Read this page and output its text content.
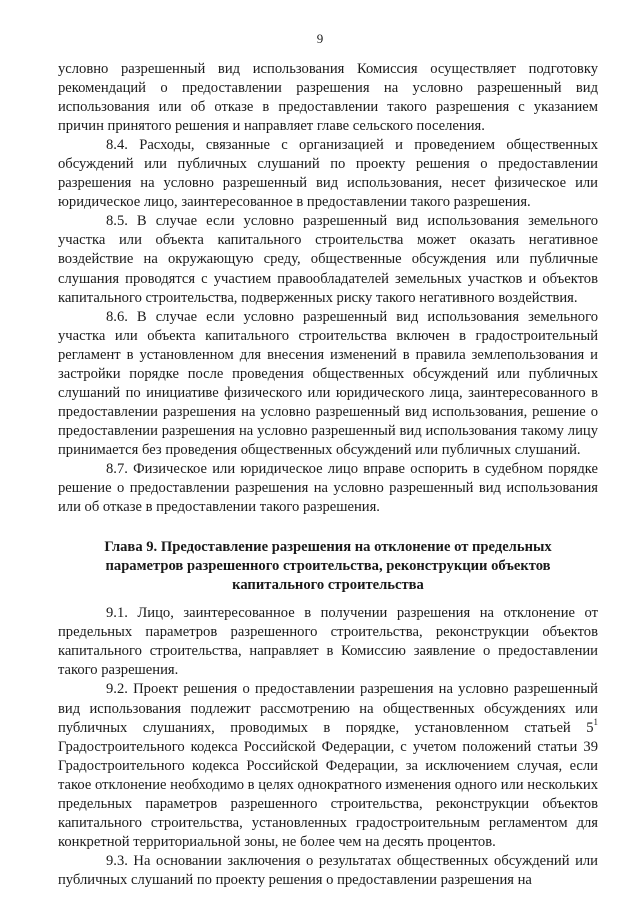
9

условно разрешенный вид использования Комиссия осуществляет подготовку рекомендаций о предоставлении разрешения на условно разрешенный вид использования или об отказе в предоставлении такого разрешения с указанием причин принятого решения и направляет главе сельского поселения.

8.4. Расходы, связанные с организацией и проведением общественных обсуждений или публичных слушаний по проекту решения о предоставлении разрешения на условно разрешенный вид использования, несет физическое или юридическое лицо, заинтересованное в предоставлении такого разрешения.

8.5. В случае если условно разрешенный вид использования земельного участка или объекта капитального строительства может оказать негативное воздействие на окружающую среду, общественные обсуждения или публичные слушания проводятся с участием правообладателей земельных участков и объектов капитального строительства, подверженных риску такого негативного воздействия.

8.6. В случае если условно разрешенный вид использования земельного участка или объекта капитального строительства включен в градостроительный регламент в установленном для внесения изменений в правила землепользования и застройки порядке после проведения общественных обсуждений или публичных слушаний по инициативе физического или юридического лица, заинтересованного в предоставлении разрешения на условно разрешенный вид использования, решение о предоставлении разрешения на условно разрешенный вид использования такому лицу принимается без проведения общественных обсуждений или публичных слушаний.

8.7. Физическое или юридическое лицо вправе оспорить в судебном порядке решение о предоставлении разрешения на условно разрешенный вид использования или об отказе в предоставлении такого разрешения.

Глава 9. Предоставление разрешения на отклонение от предельных
параметров разрешенного строительства, реконструкции объектов
капитального строительства

9.1. Лицо, заинтересованное в получении разрешения на отклонение от предельных параметров разрешенного строительства, реконструкции объектов капитального строительства, направляет в Комиссию заявление о предоставлении такого разрешения.

9.2. Проект решения о предоставлении разрешения на условно разрешенный вид использования подлежит рассмотрению на общественных обсуждениях или публичных слушаниях, проводимых в порядке, установленном статьей $5^1$ Градостроительного кодекса Российской Федерации, с учетом положений статьи 39 Градостроительного кодекса Российской Федерации, за исключением случая, если такое отклонение необходимо в целях однократного изменения одного или нескольких предельных параметров разрешенного строительства, реконструкции объектов капитального строительства, установленных градостроительным регламентом для конкретной территориальной зоны, не более чем на десять процентов.

9.3. На основании заключения о результатах общественных обсуждений или публичных слушаний по проекту решения о предоставлении разрешения на
